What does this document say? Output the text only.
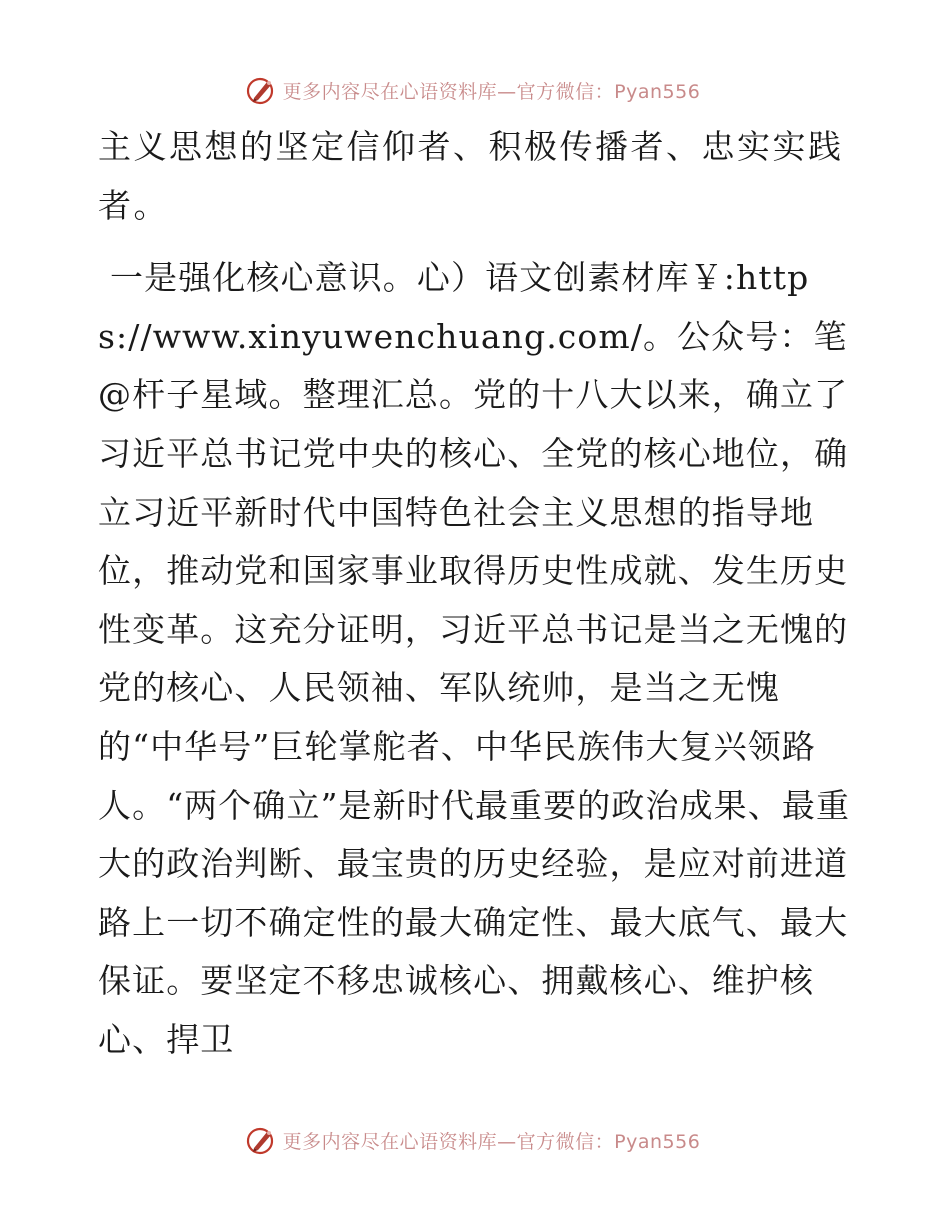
更多内容尽在心语资料库—官方微信：Pyan556

主义思想的坚定信仰者、积极传播者、忠实实践者。

一是强化核心意识。心）语文创素材库￥:https://www.xinyuwenchuang.com/。公众号：笔@杆子星域。整理汇总。党的十八大以来，确立了习近平总书记党中央的核心、全党的核心地位，确立习近平新时代中国特色社会主义思想的指导地位，推动党和国家事业取得历史性成就、发生历史性变革。这充分证明，习近平总书记是当之无愧的党的核心、人民领袖、军队统帅，是当之无愧的“中华号”巨轮掌舵者、中华民族伟大复兴领路人。“两个确立”是新时代最重要的政治成果、最重大的政治判断、最宝贵的历史经验，是应对前进道路上一切不确定性的最大确定性、最大底气、最大保证。要坚定不移忠诚核心、拥戴核心、维护核心、捍卫

更多内容尽在心语资料库—官方微信：Pyan556
